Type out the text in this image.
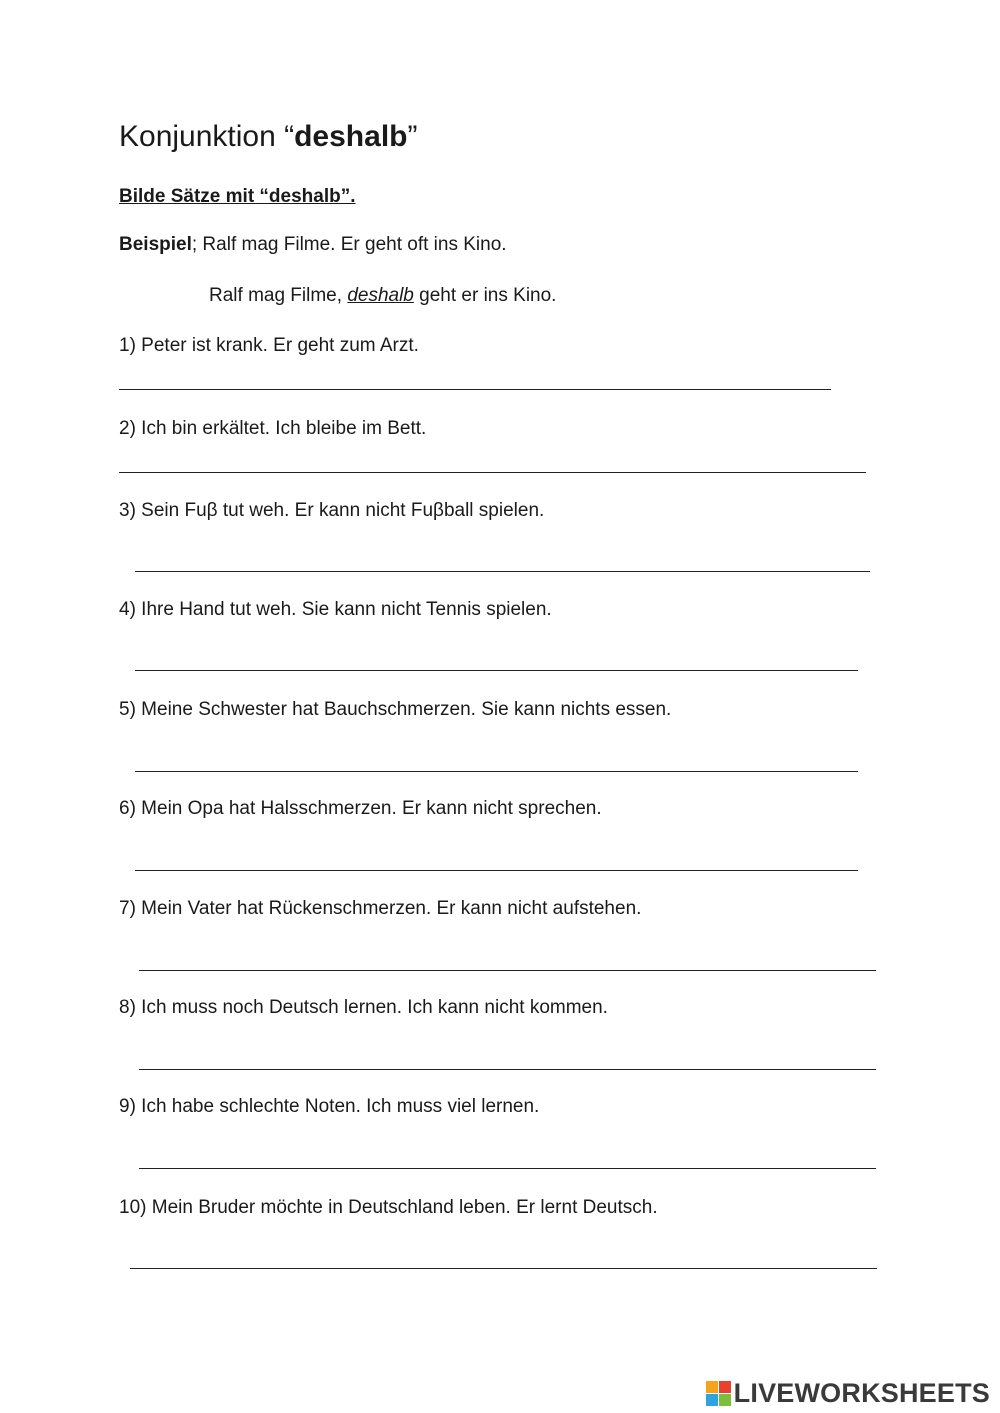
Konjunktion “deshalb”
Bilde Sätze mit “deshalb”.
Beispiel; Ralf mag Filme. Er geht oft ins Kino.
Ralf mag Filme, deshalb geht er ins Kino.
1) Peter ist krank. Er geht zum Arzt.
2) Ich bin erkältet. Ich bleibe im Bett.
3) Sein Fuβ tut weh. Er kann nicht Fuβball spielen.
4) Ihre Hand tut weh. Sie kann nicht Tennis spielen.
5) Meine Schwester hat Bauchschmerzen. Sie kann nichts essen.
6) Mein Opa hat Halsschmerzen. Er kann nicht sprechen.
7) Mein Vater hat Rückenschmerzen. Er kann nicht aufstehen.
8) Ich muss noch Deutsch lernen. Ich kann nicht kommen.
9) Ich habe schlechte Noten. Ich muss viel lernen.
10) Mein Bruder möchte in Deutschland leben. Er lernt Deutsch.
LIVEWORKSHEETS
